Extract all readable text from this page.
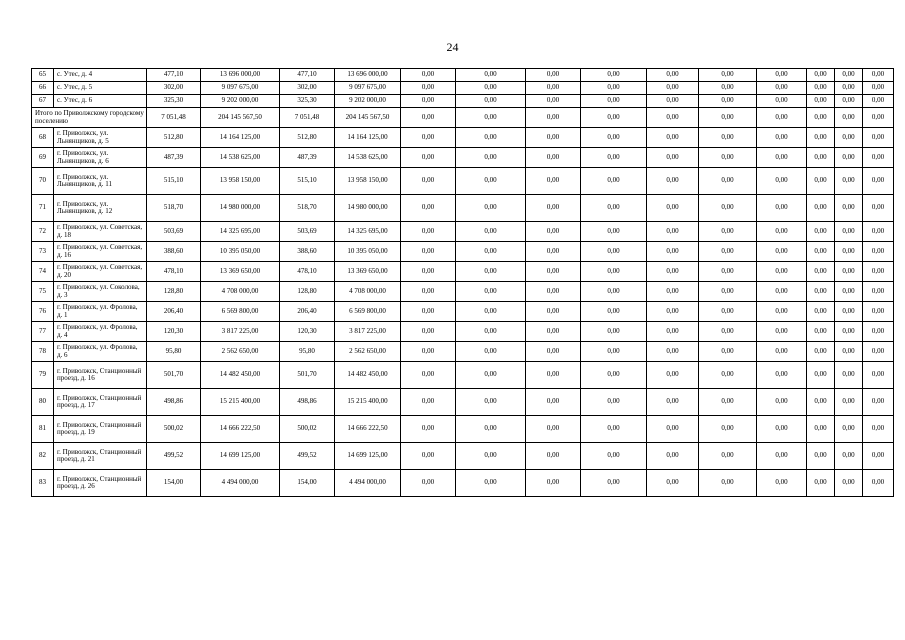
24
65	с. Утес, д. 4	477,10	13 696 000,00	477,10	13 696 000,00	0,00	0,00	0,00	0,00	0,00	0,00	0,00	0,00	0,00	0,00
66	с. Утес, д. 5	302,00	9 097 675,00	302,00	9 097 675,00	0,00	0,00	0,00	0,00	0,00	0,00	0,00	0,00	0,00	0,00
67	с. Утес, д. 6	325,30	9 202 000,00	325,30	9 202 000,00	0,00	0,00	0,00	0,00	0,00	0,00	0,00	0,00	0,00	0,00
Итого по Приволжскому городскому поселению		7 051,48	204 145 567,50	7 051,48	204 145 567,50	0,00	0,00	0,00	0,00	0,00	0,00	0,00	0,00	0,00	0,00
68	г. Приволжск, ул. Льнянщиков, д. 5	512,80	14 164 125,00	512,80	14 164 125,00	0,00	0,00	0,00	0,00	0,00	0,00	0,00	0,00	0,00	0,00
69	г. Приволжск, ул. Льнянщиков, д. 6	487,39	14 538 625,00	487,39	14 538 625,00	0,00	0,00	0,00	0,00	0,00	0,00	0,00	0,00	0,00	0,00
70	г. Приволжск, ул. Льнянщиков, д. 11	515,10	13 958 150,00	515,10	13 958 150,00	0,00	0,00	0,00	0,00	0,00	0,00	0,00	0,00	0,00	0,00
71	г. Приволжск, ул. Льнянщиков, д. 12	518,70	14 980 000,00	518,70	14 980 000,00	0,00	0,00	0,00	0,00	0,00	0,00	0,00	0,00	0,00	0,00
72	г. Приволжск, ул. Советская, д. 18	503,69	14 325 695,00	503,69	14 325 695,00	0,00	0,00	0,00	0,00	0,00	0,00	0,00	0,00	0,00	0,00
73	г. Приволжск, ул. Советская, д. 16	388,60	10 395 050,00	388,60	10 395 050,00	0,00	0,00	0,00	0,00	0,00	0,00	0,00	0,00	0,00	0,00
74	г. Приволжск, ул. Советская, д. 20	478,10	13 369 650,00	478,10	13 369 650,00	0,00	0,00	0,00	0,00	0,00	0,00	0,00	0,00	0,00	0,00
75	г. Приволжск, ул. Соколова, д. 3	128,80	4 708 000,00	128,80	4 708 000,00	0,00	0,00	0,00	0,00	0,00	0,00	0,00	0,00	0,00	0,00
76	г. Приволжск, ул. Фролова, д. 1	206,40	6 569 800,00	206,40	6 569 800,00	0,00	0,00	0,00	0,00	0,00	0,00	0,00	0,00	0,00	0,00
77	г. Приволжск, ул. Фролова, д. 4	120,30	3 817 225,00	120,30	3 817 225,00	0,00	0,00	0,00	0,00	0,00	0,00	0,00	0,00	0,00	0,00
78	г. Приволжск, ул. Фролова, д. 6	95,80	2 562 650,00	95,80	2 562 650,00	0,00	0,00	0,00	0,00	0,00	0,00	0,00	0,00	0,00	0,00
79	г. Приволжск, Станционный проезд, д. 16	501,70	14 482 450,00	501,70	14 482 450,00	0,00	0,00	0,00	0,00	0,00	0,00	0,00	0,00	0,00	0,00
80	г. Приволжск, Станционный проезд, д. 17	498,86	15 215 400,00	498,86	15 215 400,00	0,00	0,00	0,00	0,00	0,00	0,00	0,00	0,00	0,00	0,00
81	г. Приволжск, Станционный проезд, д. 19	500,02	14 666 222,50	500,02	14 666 222,50	0,00	0,00	0,00	0,00	0,00	0,00	0,00	0,00	0,00	0,00
82	г. Приволжск, Станционный проезд, д. 21	499,52	14 699 125,00	499,52	14 699 125,00	0,00	0,00	0,00	0,00	0,00	0,00	0,00	0,00	0,00	0,00
83	г. Приволжск, Станционный проезд, д. 26	154,00	4 494 000,00	154,00	4 494 000,00	0,00	0,00	0,00	0,00	0,00	0,00	0,00	0,00	0,00	0,00
